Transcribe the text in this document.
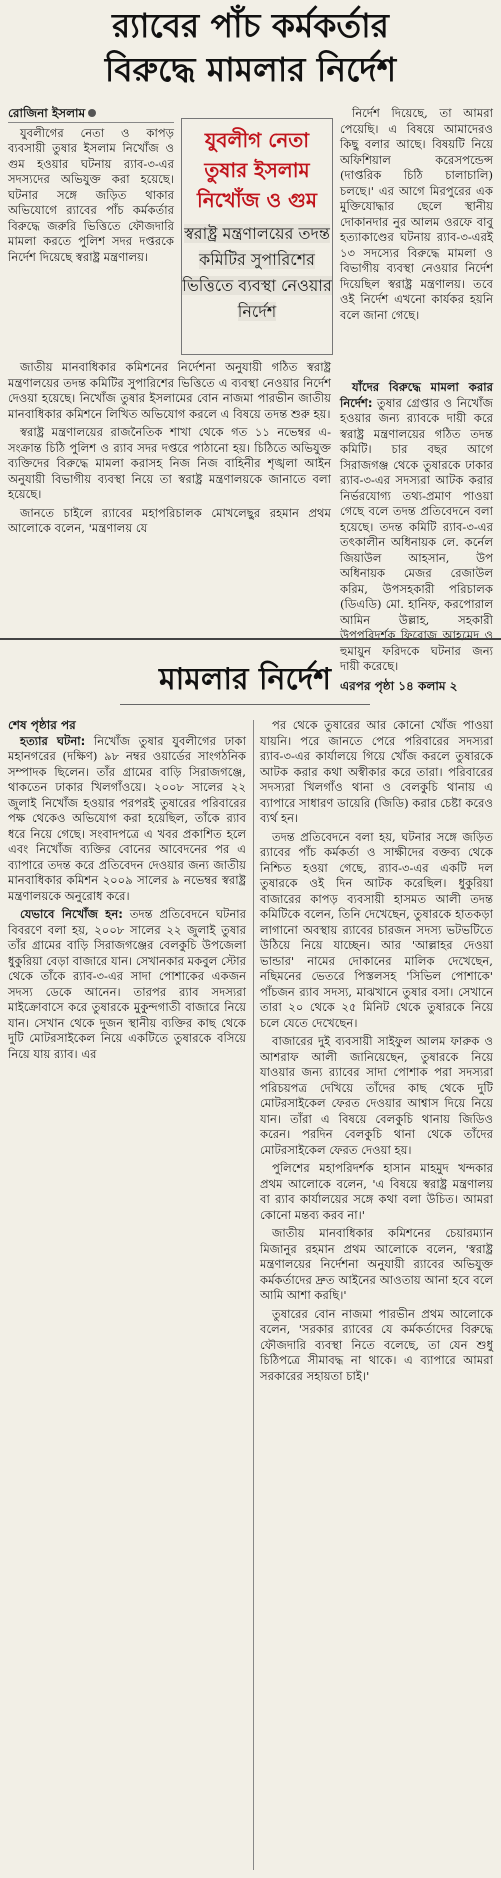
র‌্যাবের পাঁচ কর্মকর্তার
বিরুদ্ধে মামলার নির্দেশ
রোজিনা ইসলাম

যুবলীগের নেতা ও কাপড় ব্যবসায়ী তুষার ইসলাম নিখোঁজ ও গুম হওয়ার ঘটনায় র‌্যাব-৩-এর সদস্যদের অভিযুক্ত করা হয়েছে। ঘটনার সঙ্গে জড়িত থাকার অভিযোগে র‌্যাবের পাঁচ কর্মকর্তার বিরুদ্ধে জরুরি ভিত্তিতে ফৌজদারি মামলা করতে পুলিশ সদর দপ্তরকে নির্দেশ দিয়েছে স্বরাষ্ট্র মন্ত্রণালয়।

যুবলীগ নেতা তুষার ইসলাম নিখোঁজ ও গুম
স্বরাষ্ট্র মন্ত্রণালয়ের তদন্ত কমিটির সুপারিশের ভিত্তিতে ব্যবস্থা নেওয়ার নির্দেশ

নির্দেশ দিয়েছে, তা আমরা পেয়েছি। এ বিষয়ে আমাদেরও কিছু বলার আছে। বিষয়টি নিয়ে অফিশিয়াল করেসপন্ডেন্স (দাপ্তরিক চিঠি চালাচালি) চলছে।' এর আগে মিরপুরের এক মুক্তিযোদ্ধার ছেলে স্থানীয় দোকানদার নুর আলম ওরফে বাবু হত্যাকাণ্ডের ঘটনায় র‌্যাব-৩-এরই ১৩ সদস্যের বিরুদ্ধে মামলা ও বিভাগীয় ব্যবস্থা নেওয়ার নির্দেশ দিয়েছিল স্বরাষ্ট্র মন্ত্রণালয়। তবে ওই নির্দেশ এখনো কার্যকর হয়নি বলে জানা গেছে।

জাতীয় মানবাধিকার কমিশনের নির্দেশনা অনুযায়ী গঠিত স্বরাষ্ট্র মন্ত্রণালয়ের তদন্ত কমিটির সুপারিশের ভিত্তিতে এ ব্যবস্থা নেওয়ার নির্দেশ দেওয়া হয়েছে। নিখোঁজ তুষার ইসলামের বোন নাজমা পারভীন জাতীয় মানবাধিকার কমিশনে লিখিত অভিযোগ করলে এ বিষয়ে তদন্ত শুরু হয়।

স্বরাষ্ট্র মন্ত্রণালয়ের রাজনৈতিক শাখা থেকে গত ১১ নভেম্বর এ-সংক্রান্ত চিঠি পুলিশ ও র‌্যাব সদর দপ্তরে পাঠানো হয়। চিঠিতে অভিযুক্ত ব্যক্তিদের বিরুদ্ধে মামলা করাসহ নিজ নিজ বাহিনীর শৃঙ্খলা আইন অনুযায়ী বিভাগীয় ব্যবস্থা নিয়ে তা স্বরাষ্ট্র মন্ত্রণালয়কে জানাতে বলা হয়েছে।

জানতে চাইলে র‌্যাবের মহাপরিচালক মোখলেছুর রহমান প্রথম আলোকে বলেন, 'মন্ত্রণালয় যে

যাঁদের বিরুদ্ধে মামলা করার নির্দেশ: তুষার গ্রেপ্তার ও নিখোঁজ হওয়ার জন্য র‌্যাবকে দায়ী করে স্বরাষ্ট্র মন্ত্রণালয়ের গঠিত তদন্ত কমিটি। চার বছর আগে সিরাজগঞ্জ থেকে তুষারকে ঢাকার র‌্যাব-৩-এর সদস্যরা আটক করার নির্ভরযোগ্য তথ্য-প্রমাণ পাওয়া গেছে বলে তদন্ত প্রতিবেদনে বলা হয়েছে। তদন্ত কমিটি র‌্যাব-৩-এর তৎকালীন অধিনায়ক লে. কর্নেল জিয়াউল আহসান, উপ অধিনায়ক মেজর রেজাউল করিম, উপসহকারী পরিচালক (ডিএডি) মো. হানিফ, করপোরাল আমিন উল্লাহ, সহকারী উপপরিদর্শক ফিরোজ আহমেদ ও হুমায়ুন ফরিদকে ঘটনার জন্য দায়ী করেছে।

এরপর পৃষ্ঠা ১৪ কলাম ২
মামলার নির্দেশ
শেষ পৃষ্ঠার পর

হত্যার ঘটনা: নিখোঁজ তুষার যুবলীগের ঢাকা মহানগরের (দক্ষিণ) ৯৮ নম্বর ওয়ার্ডের সাংগঠনিক সম্পাদক ছিলেন। তাঁর গ্রামের বাড়ি সিরাজগঞ্জে, থাকতেন ঢাকার খিলগাঁওয়ে। ২০০৮ সালের ২২ জুলাই নিখোঁজ হওয়ার পরপরই তুষারের পরিবারের পক্ষ থেকেও অভিযোগ করা হয়েছিল, তাঁকে র‌্যাব ধরে নিয়ে গেছে। সংবাদপত্রে এ খবর প্রকাশিত হলে এবং নিখোঁজ ব্যক্তির বোনের আবেদনের পর এ ব্যাপারে তদন্ত করে প্রতিবেদন দেওয়ার জন্য জাতীয় মানবাধিকার কমিশন ২০০৯ সালের ৯ নভেম্বর স্বরাষ্ট্র মন্ত্রণালয়কে অনুরোধ করে।

যেভাবে নিখোঁজ হন: তদন্ত প্রতিবেদনে ঘটনার বিবরণে বলা হয়, ২০০৮ সালের ২২ জুলাই তুষার তাঁর গ্রামের বাড়ি সিরাজগঞ্জের বেলকুচি উপজেলা ধুকুরিয়া বেড়া বাজারে যান। সেখানকার মকবুল স্টোর থেকে তাঁকে র‌্যাব-৩-এর সাদা পোশাকের একজন সদস্য ডেকে আনেন। তারপর র‌্যাব সদস্যরা মাইক্রোবাসে করে তুষারকে মুকুন্দগাতী বাজারে নিয়ে যান। সেখান থেকে দুজন স্থানীয় ব্যক্তির কাছ থেকে দুটি মোটরসাইকেল নিয়ে একটিতে তুষারকে বসিয়ে নিয়ে যায় র‌্যাব। এর

পর থেকে তুষারের আর কোনো খোঁজ পাওয়া যায়নি। পরে জানতে পেরে পরিবারের সদস্যরা র‌্যাব-৩-এর কার্যালয়ে গিয়ে খোঁজ করলে তুষারকে আটক করার কথা অস্বীকার করে তারা। পরিবারের সদস্যরা খিলগাঁও থানা ও বেলকুচি থানায় এ ব্যাপারে সাধারণ ডায়েরি (জিডি) করার চেষ্টা করেও ব্যর্থ হন।

তদন্ত প্রতিবেদনে বলা হয়, ঘটনার সঙ্গে জড়িত র‌্যাবের পাঁচ কর্মকর্তা ও সাক্ষীদের বক্তব্য থেকে নিশ্চিত হওয়া গেছে, র‌্যাব-৩-এর একটি দল তুষারকে ওই দিন আটক করেছিল। ধুকুরিয়া বাজারের কাপড় ব্যবসায়ী হাসমত আলী তদন্ত কমিটিকে বলেন, তিনি দেখেছেন, তুষারকে হাতকড়া লাগানো অবস্থায় র‌্যাবের চারজন সদস্য ভটভটিতে উঠিয়ে নিয়ে যাচ্ছেন। আর 'আল্লাহর দেওয়া ভান্ডার' নামের দোকানের মালিক দেখেছেন, নছিমনের ভেতরে পিস্তলসহ 'সিভিল পোশাকে' পাঁচজন র‌্যাব সদস্য, মাঝখানে তুষার বসা। সেখানে তারা ২০ থেকে ২৫ মিনিট থেকে তুষারকে নিয়ে চলে যেতে দেখেছেন।

বাজারের দুই ব্যবসায়ী সাইফুল আলম ফারুক ও আশরাফ আলী জানিয়েছেন, তুষারকে নিয়ে যাওয়ার জন্য র‌্যাবের সাদা পোশাক পরা সদস্যরা পরিচয়পত্র দেখিয়ে তাঁদের কাছ থেকে দুটি মোটরসাইকেল ফেরত দেওয়ার আশ্বাস দিয়ে নিয়ে যান। তাঁরা এ বিষয়ে বেলকুচি থানায় জিডিও করেন। পরদিন বেলকুচি থানা থেকে তাঁদের মোটরসাইকেল ফেরত দেওয়া হয়।

পুলিশের মহাপরিদর্শক হাসান মাহমুদ খন্দকার প্রথম আলোকে বলেন, 'এ বিষয়ে স্বরাষ্ট্র মন্ত্রণালয় বা র‌্যাব কার্যালয়ের সঙ্গে কথা বলা উচিত। আমরা কোনো মন্তব্য করব না।'

জাতীয় মানবাধিকার কমিশনের চেয়ারম্যান মিজানুর রহমান প্রথম আলোকে বলেন, 'স্বরাষ্ট্র মন্ত্রণালয়ের নির্দেশনা অনুযায়ী র‌্যাবের অভিযুক্ত কর্মকর্তাদের দ্রুত আইনের আওতায় আনা হবে বলে আমি আশা করছি।'

তুষারের বোন নাজমা পারভীন প্রথম আলোকে বলেন, 'সরকার র‌্যাবের যে কর্মকর্তাদের বিরুদ্ধে ফৌজদারি ব্যবস্থা নিতে বলেছে, তা যেন শুধু চিঠিপত্রে সীমাবদ্ধ না থাকে। এ ব্যাপারে আমরা সরকারের সহায়তা চাই।'
